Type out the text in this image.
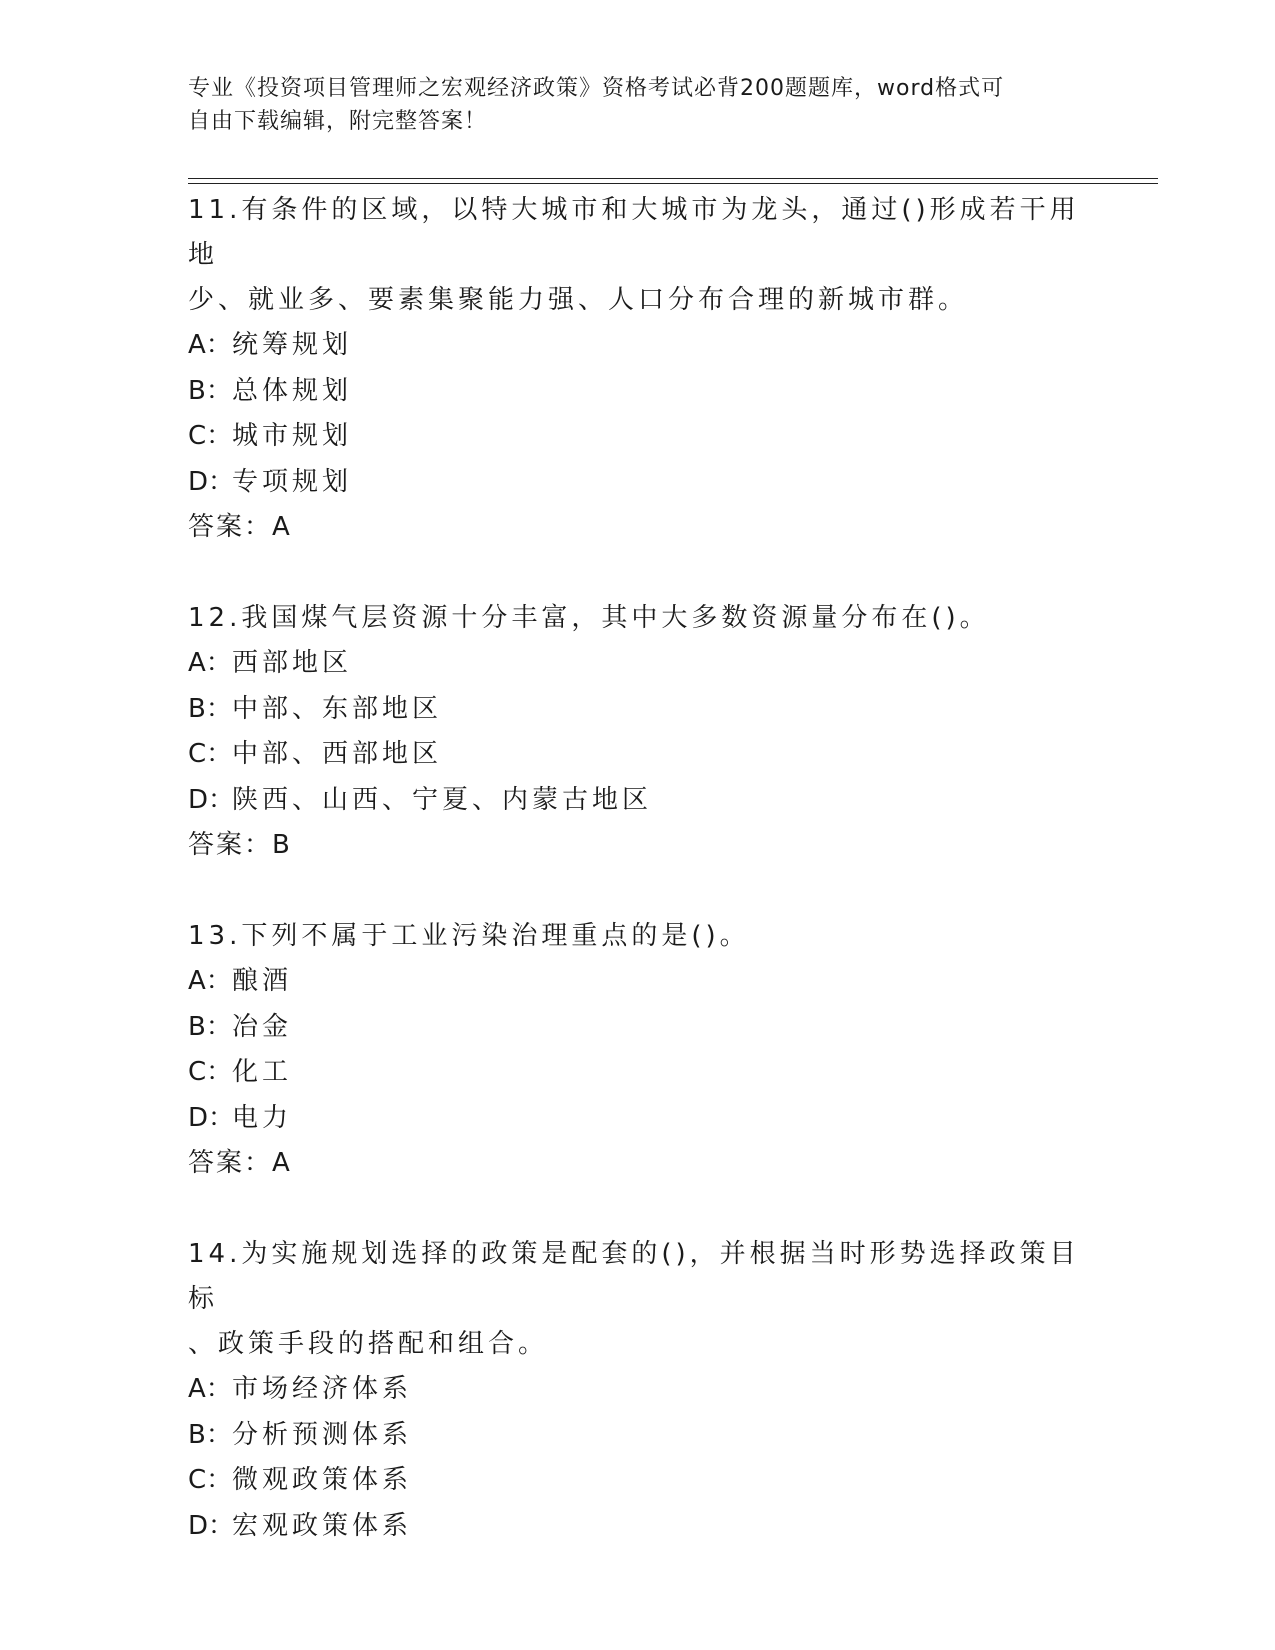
专业《投资项目管理师之宏观经济政策》资格考试必背200题题库，word格式可
自由下载编辑，附完整答案！

11.有条件的区域，以特大城市和大城市为龙头，通过()形成若干用地

少、就业多、要素集聚能力强、人口分布合理的新城市群。

A：统筹规划

B：总体规划

C：城市规划

D：专项规划

答案：A

12.我国煤气层资源十分丰富，其中大多数资源量分布在()。

A：西部地区

B：中部、东部地区

C：中部、西部地区

D：陕西、山西、宁夏、内蒙古地区

答案：B

13.下列不属于工业污染治理重点的是()。

A：酿酒

B：冶金

C：化工

D：电力

答案：A

14.为实施规划选择的政策是配套的()，并根据当时形势选择政策目标

、政策手段的搭配和组合。

A：市场经济体系

B：分析预测体系

C：微观政策体系

D：宏观政策体系
